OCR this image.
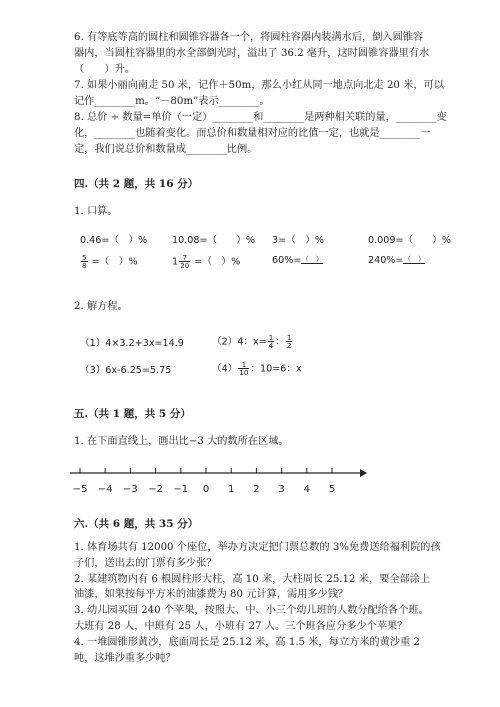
6. 有等底等高的圆柱和圆锥容器各一个，将圆柱容器内装满水后，倒入圆锥容
器内，当圆柱容器里的水全部倒光时，溢出了 36.2 毫升，这时圆锥容器里有水
（　　）升。
7. 如果小丽向南走 50 米，记作＋50m，那么小红从同一地点向北走 20 米，可以
记作________m。“－80m”表示________。
8. 总价 ÷ 数量=单价（一定）________和________是两种相关联的量，________变
化，________也随着变化。而总价和数量相对应的比值一定，也就是________一
定，我们说总价和数量成________比例。
四.（共 2 题，共 16 分）
1. 口算。
0.46=（　）%	10.08=（　　）% 3=（　）%	0.009=（　　）%
$\frac{5}{8}$ =（　）%	$1 \frac{7}{20}$ =（　）%	60%=（　）	240%=（　）
2. 解方程。
（1）4×3.2+3x=14.9	（2）4：$x= \frac{1}{4}$ ： $\frac{1}{2}$
（3）6x-6.25=5.75	$(4) \frac{1}{10}$ ：10=6：x
五.（共 1 题，共 5 分）
1. 在下面直线上，画出比−3 大的数所在区域。
−5 −4 −3 −2 −1 0 1 2 3 4 5
六.（共 6 题，共 35 分）
1. 体育场共有 12000 个座位，举办方决定把门票总数的 3%免费送给福利院的孩
子们，送出去的门票有多少张？
2. 某建筑物内有 6 根圆柱形大柱，高 10 米，大柱周长 25.12 米，要全部涂上
油漆，如果按每平方米的油漆费为 80 元计算，需用多少钱？
3. 幼儿园买回 240 个苹果，按照大、中、小三个幼儿班的人数分配给各个班。
大班有 28 人，中班有 25 人，小班有 27 人。三个班各应分多少个苹果？
4. 一堆圆锥形黄沙，底面周长是 25.12 米，高 1.5 米，每立方米的黄沙重 2
吨，这堆沙重多少吨？
